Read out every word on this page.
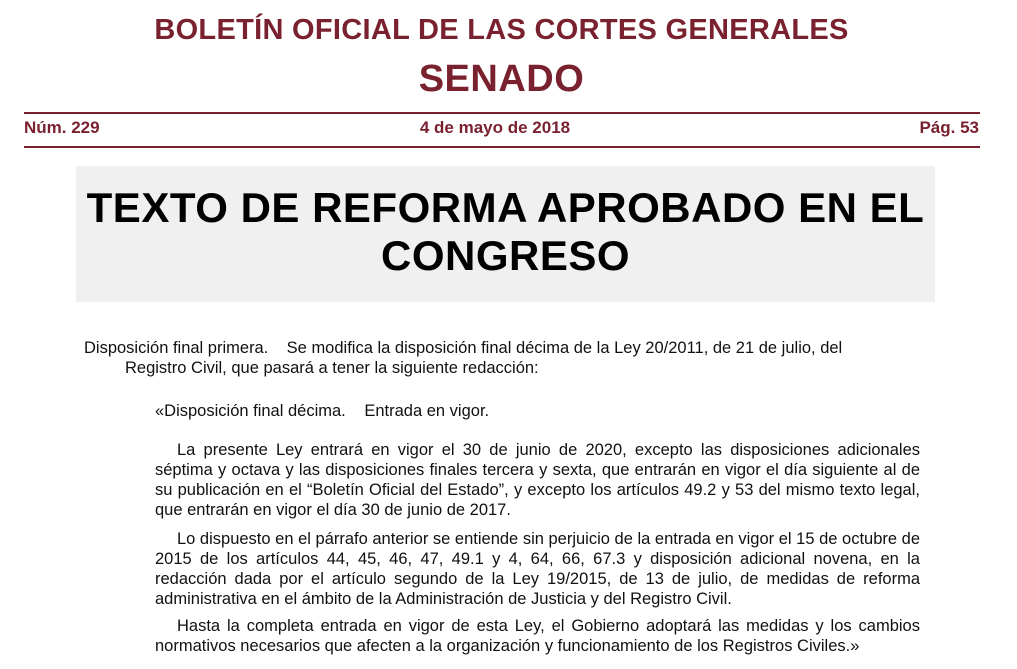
BOLETÍN OFICIAL DE LAS CORTES GENERALES
SENADO
Núm. 229	4 de mayo de 2018	Pág. 53
TEXTO DE REFORMA APROBADO EN EL
CONGRESO
Disposición final primera. Se modifica la disposición final décima de la Ley 20/2011, de 21 de julio, del
Registro Civil, que pasará a tener la siguiente redacción:
«Disposición final décima. Entrada en vigor.
La presente Ley entrará en vigor el 30 de junio de 2020, excepto las disposiciones adicionales séptima y octava y las disposiciones finales tercera y sexta, que entrarán en vigor el día siguiente al de su publicación en el “Boletín Oficial del Estado”, y excepto los artículos 49.2 y 53 del mismo texto legal, que entrarán en vigor el día 30 de junio de 2017.
Lo dispuesto en el párrafo anterior se entiende sin perjuicio de la entrada en vigor el 15 de octubre de 2015 de los artículos 44, 45, 46, 47, 49.1 y 4, 64, 66, 67.3 y disposición adicional novena, en la redacción dada por el artículo segundo de la Ley 19/2015, de 13 de julio, de medidas de reforma administrativa en el ámbito de la Administración de Justicia y del Registro Civil.
Hasta la completa entrada en vigor de esta Ley, el Gobierno adoptará las medidas y los cambios normativos necesarios que afecten a la organización y funcionamiento de los Registros Civiles.»
